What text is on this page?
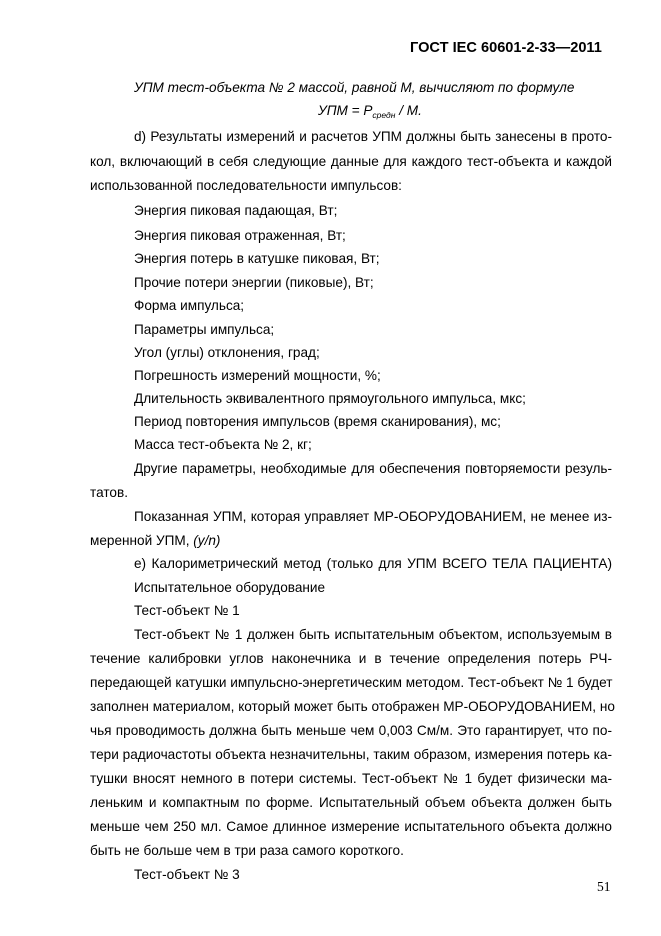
ГОСТ IEC 60601-2-33—2011
УПМ тест-объекта № 2 массой, равной M, вычисляют по формуле
УПМ = $P_{средн}$ / M.
d) Результаты измерений и расчетов УПМ должны быть занесены в прото-
кол, включающий в себя следующие данные для каждого тест-объекта и каждой
использованной последовательности импульсов:
Энергия пиковая падающая, Вт;
Энергия пиковая отраженная, Вт;
Энергия потерь в катушке пиковая, Вт;
Прочие потери энергии (пиковые), Вт;
Форма импульса;
Параметры импульса;
Угол (углы) отклонения, град;
Погрешность измерений мощности, %;
Длительность эквивалентного прямоугольного импульса, мкс;
Период повторения импульсов (время сканирования), мс;
Масса тест-объекта № 2, кг;
Другие параметры, необходимые для обеспечения повторяемости резуль-
татов.
Показанная УПМ, которая управляет МР-ОБОРУДОВАНИЕМ, не менее из-
меренной УПМ, (y/n)
e) Калориметрический метод (только для УПМ ВСЕГО ТЕЛА ПАЦИЕНТА)
Испытательное оборудование
Тест-объект № 1
Тест-объект № 1 должен быть испытательным объектом, используемым в
течение калибровки углов наконечника и в течение определения потерь РЧ-
передающей катушки импульсно-энергетическим методом. Тест-объект № 1 будет
заполнен материалом, который может быть отображен МР-ОБОРУДОВАНИЕМ, но
чья проводимость должна быть меньше чем 0,003 См/м. Это гарантирует, что по-
тери радиочастоты объекта незначительны, таким образом, измерения потерь ка-
тушки вносят немного в потери системы. Тест-объект № 1 будет физически ма-
леньким и компактным по форме. Испытательный объем объекта должен быть
меньше чем 250 мл. Самое длинное измерение испытательного объекта должно
быть не больше чем в три раза самого короткого.
Тест-объект № 3
51
